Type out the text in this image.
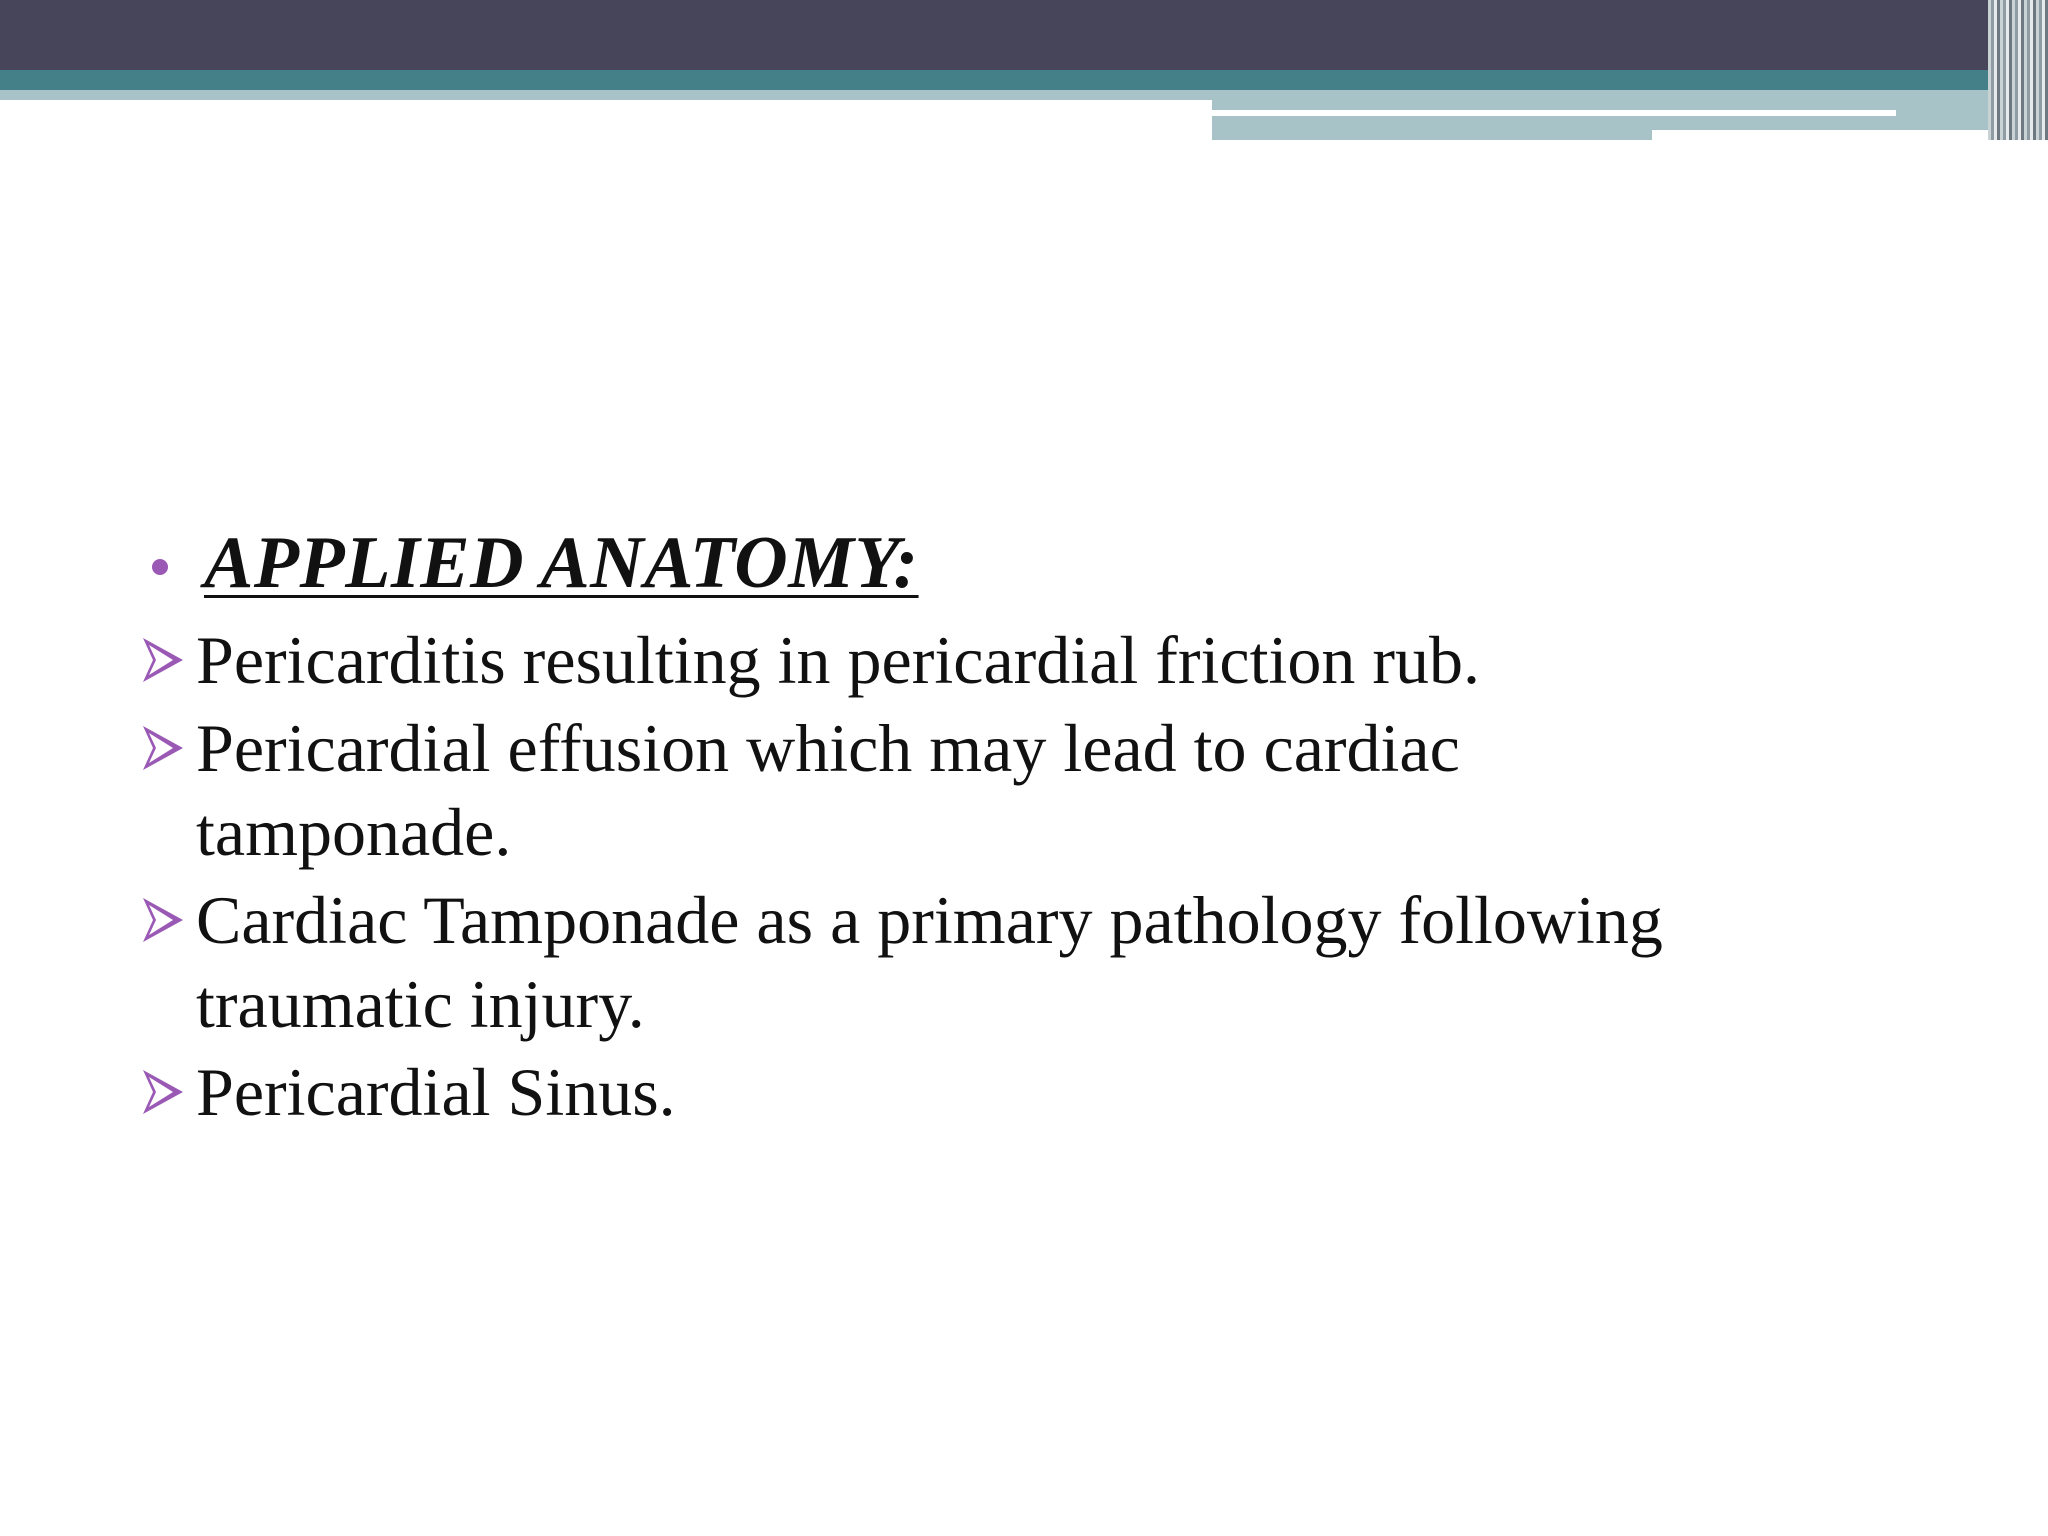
APPLIED ANATOMY:
Pericarditis resulting in pericardial friction rub.
Pericardial effusion which may lead to cardiac
tamponade.
Cardiac Tamponade as a primary pathology following
traumatic injury.
Pericardial Sinus.
